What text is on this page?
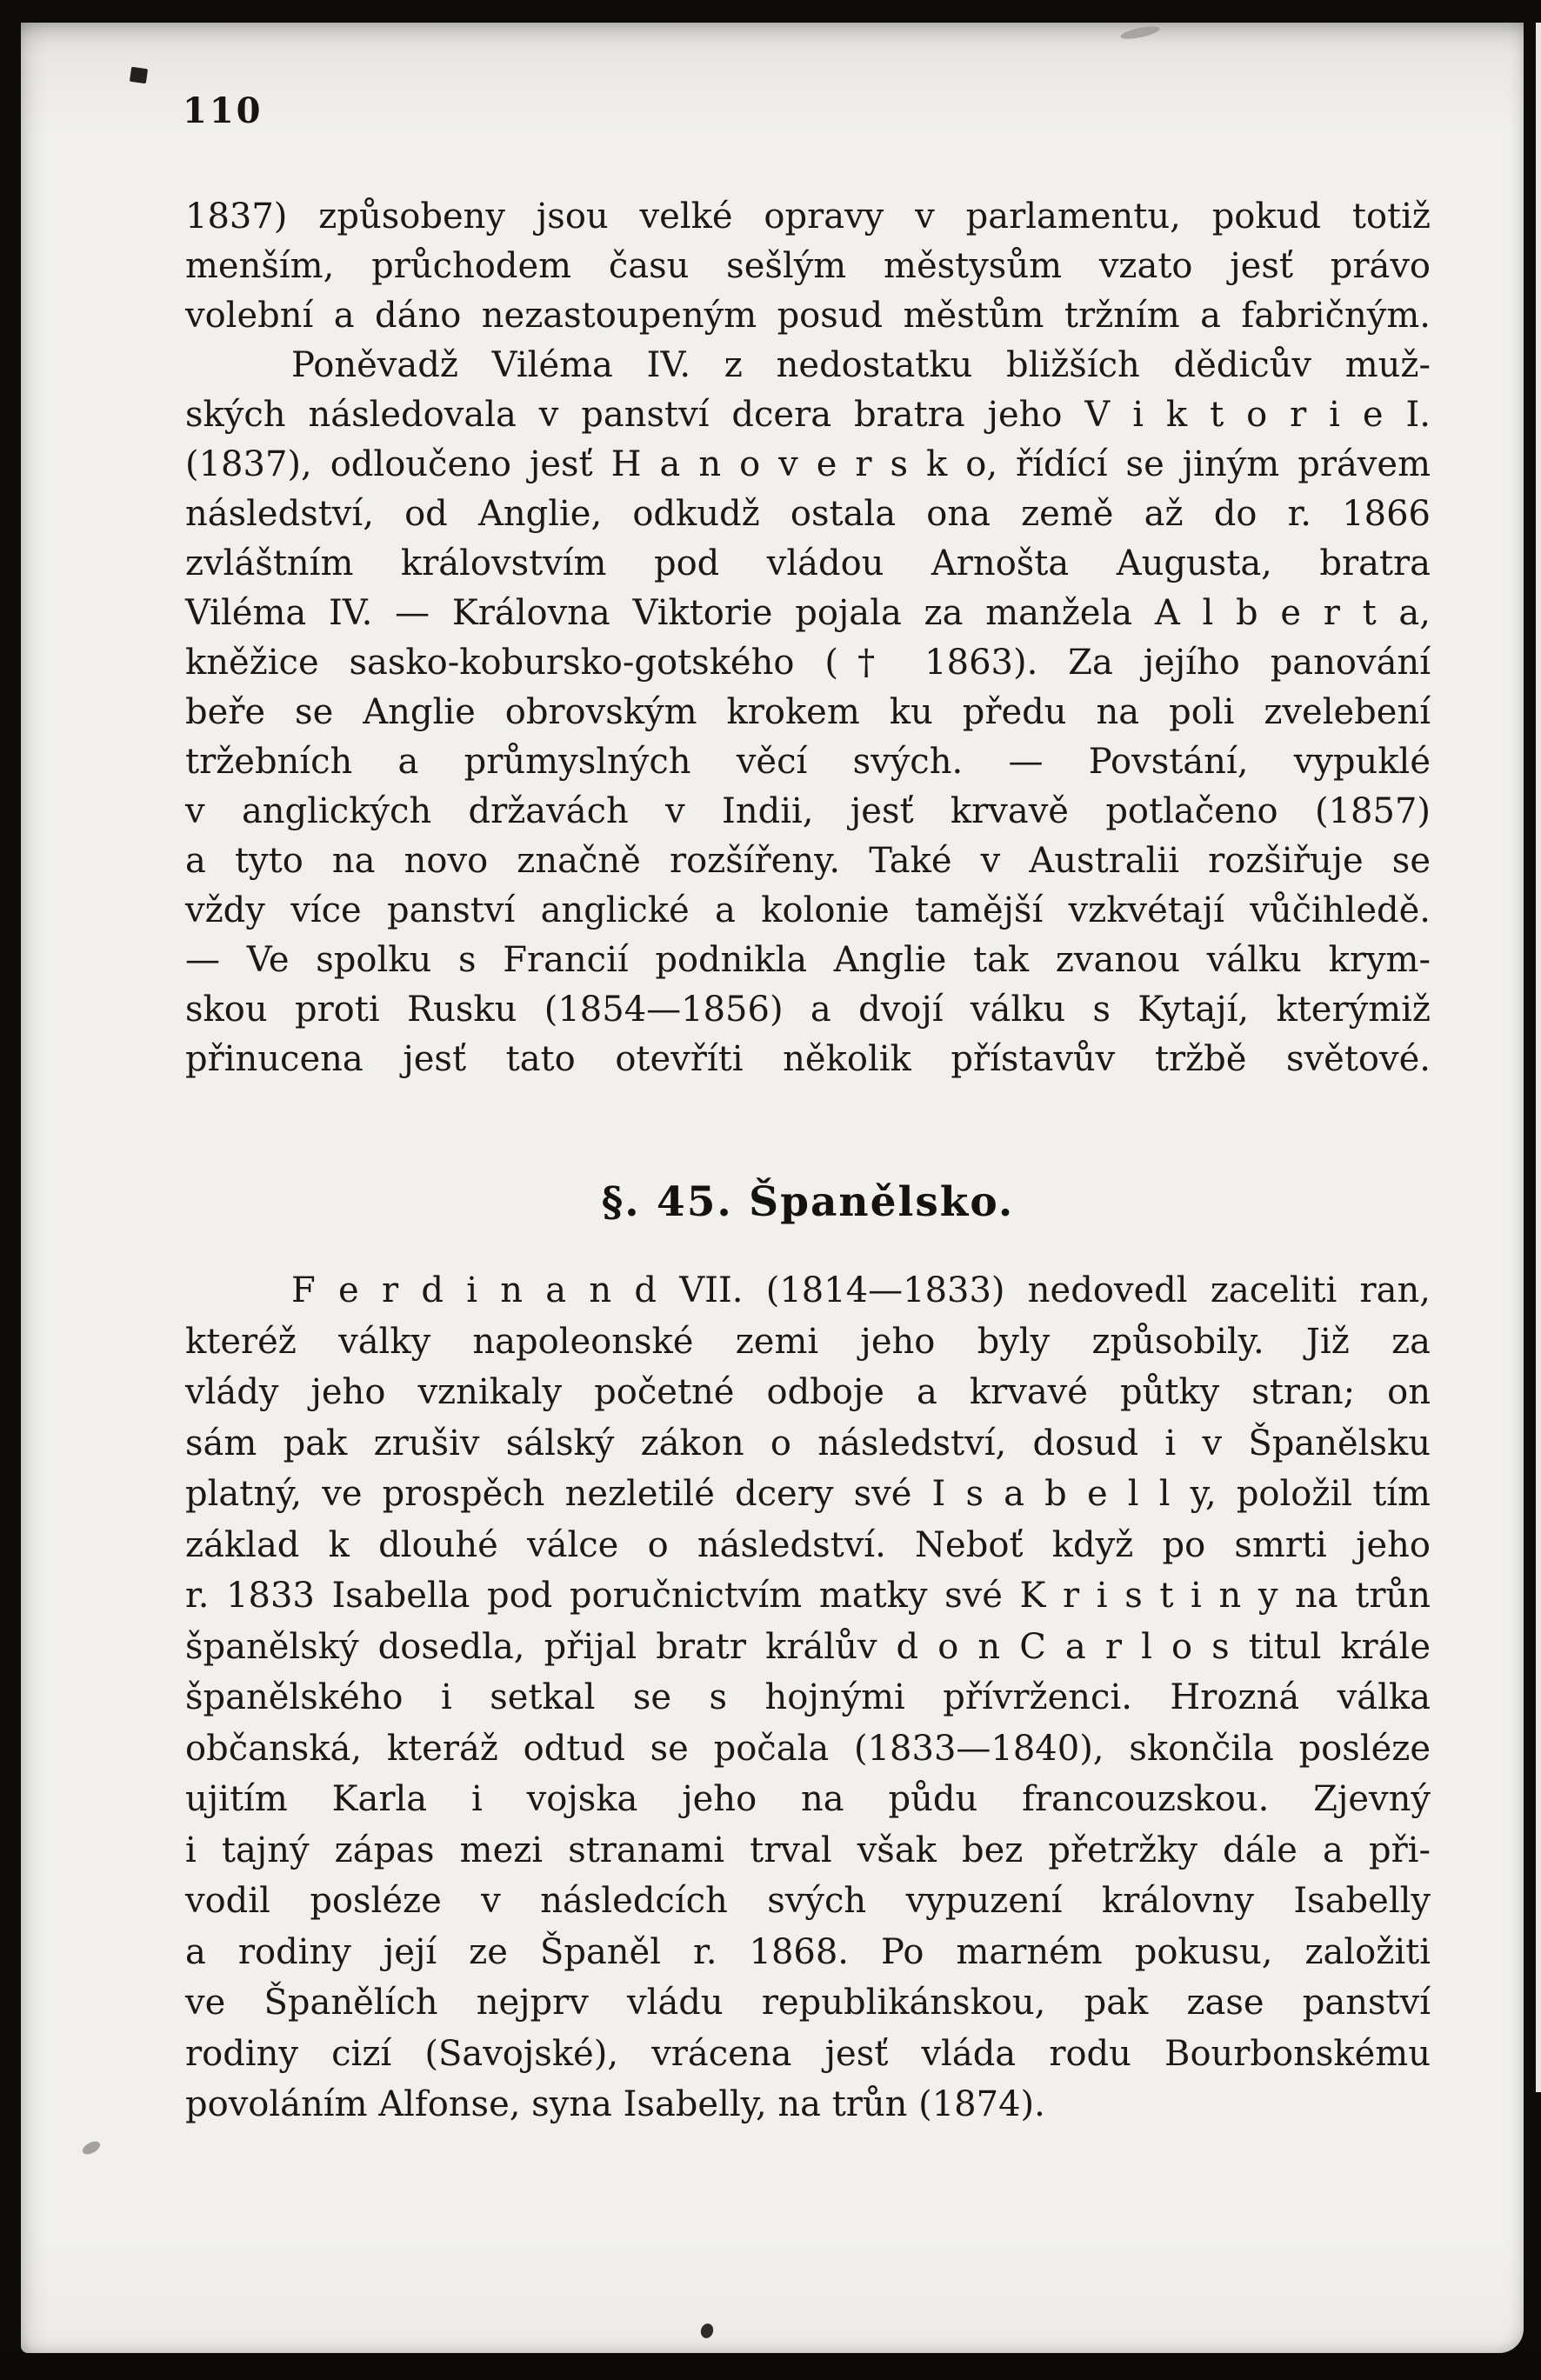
110
1837) způsobeny jsou velké opravy v parlamentu, pokud totiž
menším, průchodem času sešlým městysům vzato jesť právo
volební a dáno nezastoupeným posud městům tržním a fabričným.
Poněvadž Viléma IV. z nedostatku bližších dědicův muž-
ských následovala v panství dcera bratra jeho V i k t o r i e I.
(1837), odloučeno jesť H a n o v e r s k o, řídící se jiným právem
následství, od Anglie, odkudž ostala ona země až do r. 1866
zvláštním královstvím pod vládou Arnošta Augusta, bratra
Viléma IV. — Královna Viktorie pojala za manžela A l b e r t a,
kněžice sasko-kobursko-gotského († 1863). Za jejího panování
beře se Anglie obrovským krokem ku předu na poli zvelebení
tržebních a průmyslných věcí svých. — Povstání, vypuklé
v anglických državách v Indii, jesť krvavě potlačeno (1857)
a tyto na novo značně rozšířeny. Také v Australii rozšiřuje se
vždy více panství anglické a kolonie tamější vzkvétají vůčihledě.
— Ve spolku s Francií podnikla Anglie tak zvanou válku krym-
skou proti Rusku (1854—1856) a dvojí válku s Kytají, kterýmiž
přinucena jesť tato otevříti několik přístavův tržbě světové.
§. 45. Španělsko.
F e r d i n a n d VII. (1814—1833) nedovedl zaceliti ran,
kteréž války napoleonské zemi jeho byly způsobily. Již za
vlády jeho vznikaly početné odboje a krvavé půtky stran; on
sám pak zrušiv sálský zákon o následství, dosud i v Španělsku
platný, ve prospěch nezletilé dcery své I s a b e l l y, položil tím
základ k dlouhé válce o následství. Neboť když po smrti jeho
r. 1833 Isabella pod poručnictvím matky své K r i s t i n y na trůn
španělský dosedla, přijal bratr králův d o n C a r l o s titul krále
španělského i setkal se s hojnými přívrženci. Hrozná válka
občanská, kteráž odtud se počala (1833—1840), skončila posléze
ujitím Karla i vojska jeho na půdu francouzskou. Zjevný
i tajný zápas mezi stranami trval však bez přetržky dále a při-
vodil posléze v následcích svých vypuzení královny Isabelly
a rodiny její ze Španěl r. 1868. Po marném pokusu, založiti
ve Španělích nejprv vládu republikánskou, pak zase panství
rodiny cizí (Savojské), vrácena jesť vláda rodu Bourbonskému
povoláním Alfonse, syna Isabelly, na trůn (1874).
